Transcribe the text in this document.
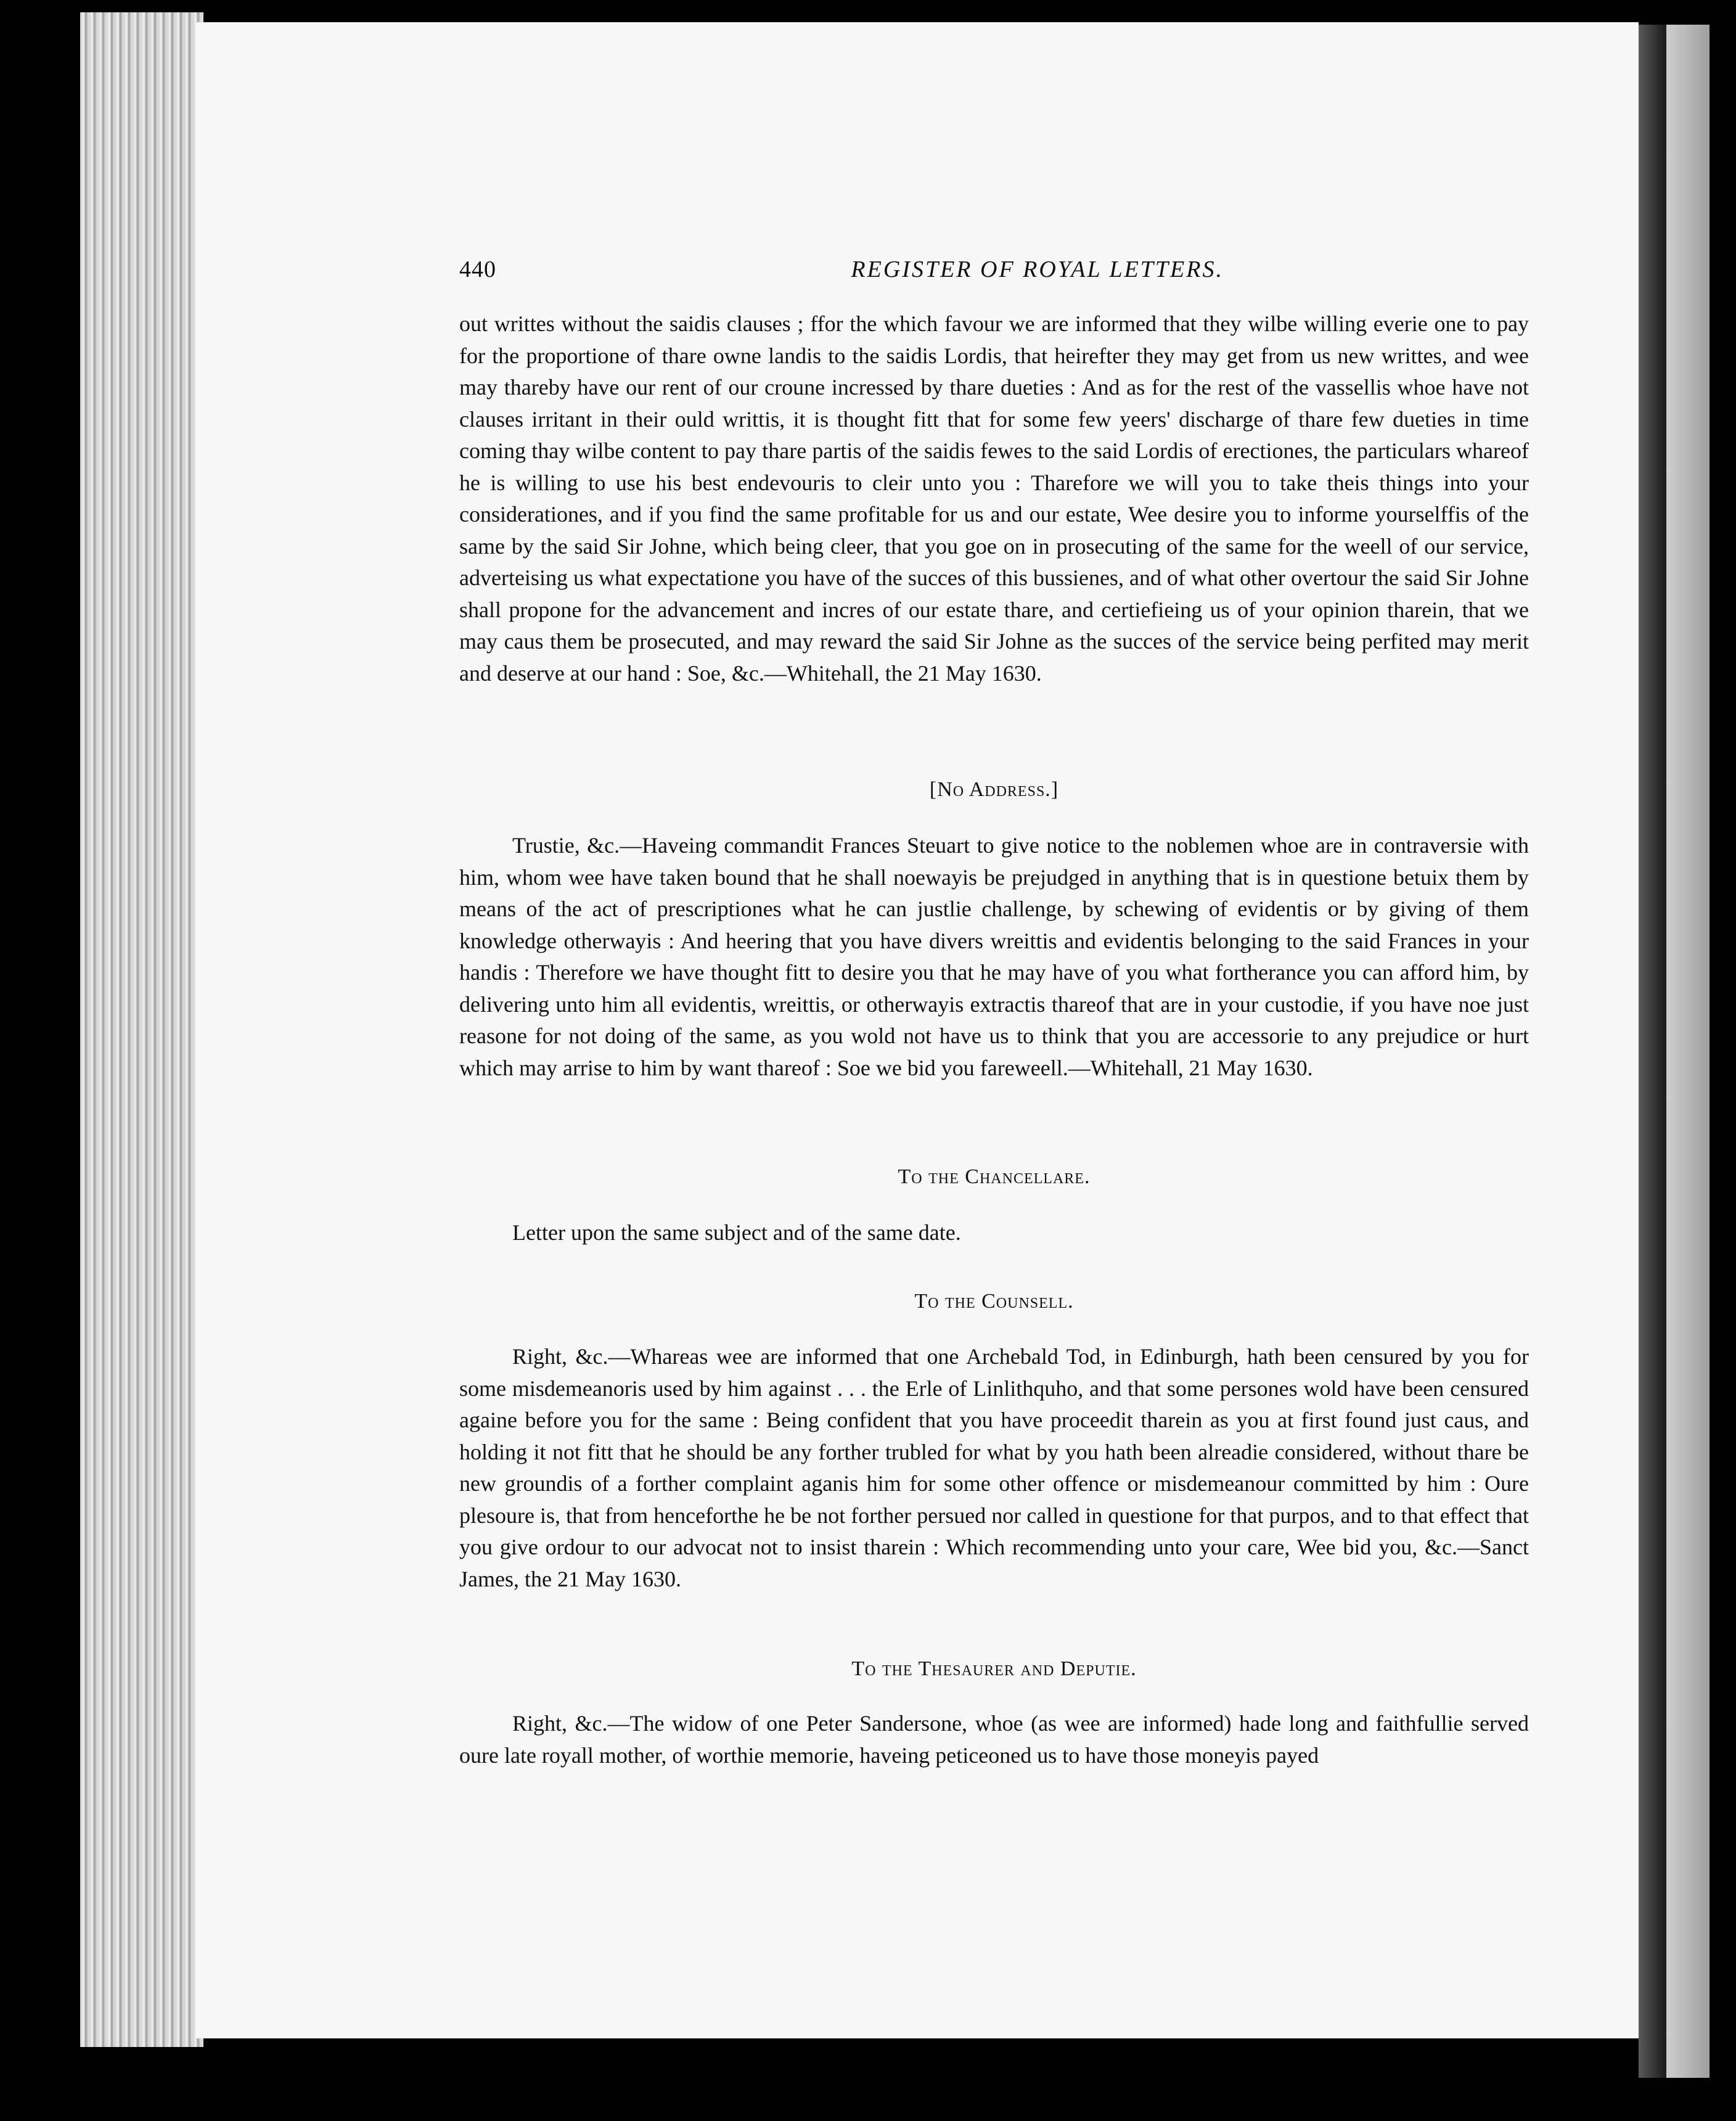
440	REGISTER OF ROYAL LETTERS.

out writtes without the saidis clauses ; ffor the which favour we are informed that they wilbe willing everie one to pay for the proportione of thare owne landis to the saidis Lordis, that heirefter they may get from us new writtes, and wee may thareby have our rent of our croune incressed by thare dueties : And as for the rest of the vassellis whoe have not clauses irritant in their ould writtis, it is thought fitt that for some few yeers' discharge of thare few dueties in time coming thay wilbe content to pay thare partis of the saidis fewes to the said Lordis of erectiones, the particulars whareof he is willing to use his best endevouris to cleir unto you : Tharefore we will you to take theis things into your considerationes, and if you find the same profitable for us and our estate, Wee desire you to informe yourselffis of the same by the said Sir Johne, which being cleer, that you goe on in prosecuting of the same for the weell of our service, adverteising us what expectatione you have of the succes of this bussienes, and of what other overtour the said Sir Johne shall propone for the advancement and incres of our estate thare, and certiefieing us of your opinion tharein, that we may caus them be prosecuted, and may reward the said Sir Johne as the succes of the service being perfited may merit and deserve at our hand : Soe, &c.—Whitehall, the 21 May 1630.

[No Address.]

Trustie, &c.—Haveing commandit Frances Steuart to give notice to the noblemen whoe are in contraversie with him, whom wee have taken bound that he shall noewayis be prejudged in anything that is in questione betuix them by means of the act of prescriptiones what he can justlie challenge, by schewing of evidentis or by giving of them knowledge otherwayis : And heering that you have divers wreittis and evidentis belonging to the said Frances in your handis : Therefore we have thought fitt to desire you that he may have of you what fortherance you can afford him, by delivering unto him all evidentis, wreittis, or otherwayis extractis thareof that are in your custodie, if you have noe just reasone for not doing of the same, as you wold not have us to think that you are accessorie to any prejudice or hurt which may arrise to him by want thareof : Soe we bid you fareweell.—Whitehall, 21 May 1630.

To the Chancellare.

Letter upon the same subject and of the same date.

To the Counsell.

Right, &c.—Whareas wee are informed that one Archebald Tod, in Edinburgh, hath been censured by you for some misdemeanoris used by him against . . . the Erle of Linlithquho, and that some persones wold have been censured againe before you for the same : Being confident that you have proceedit tharein as you at first found just caus, and holding it not fitt that he should be any forther trubled for what by you hath been alreadie considered, without thare be new groundis of a forther complaint aganis him for some other offence or misdemeanour committed by him : Oure plesoure is, that from henceforthe he be not forther persued nor called in questione for that purpos, and to that effect that you give ordour to our advocat not to insist tharein : Which recommending unto your care, Wee bid you, &c.—Sanct James, the 21 May 1630.

To the Thesaurer and Deputie.

Right, &c.—The widow of one Peter Sandersone, whoe (as wee are informed) hade long and faithfullie served oure late royall mother, of worthie memorie, haveing peticeoned us to have those moneyis payed
